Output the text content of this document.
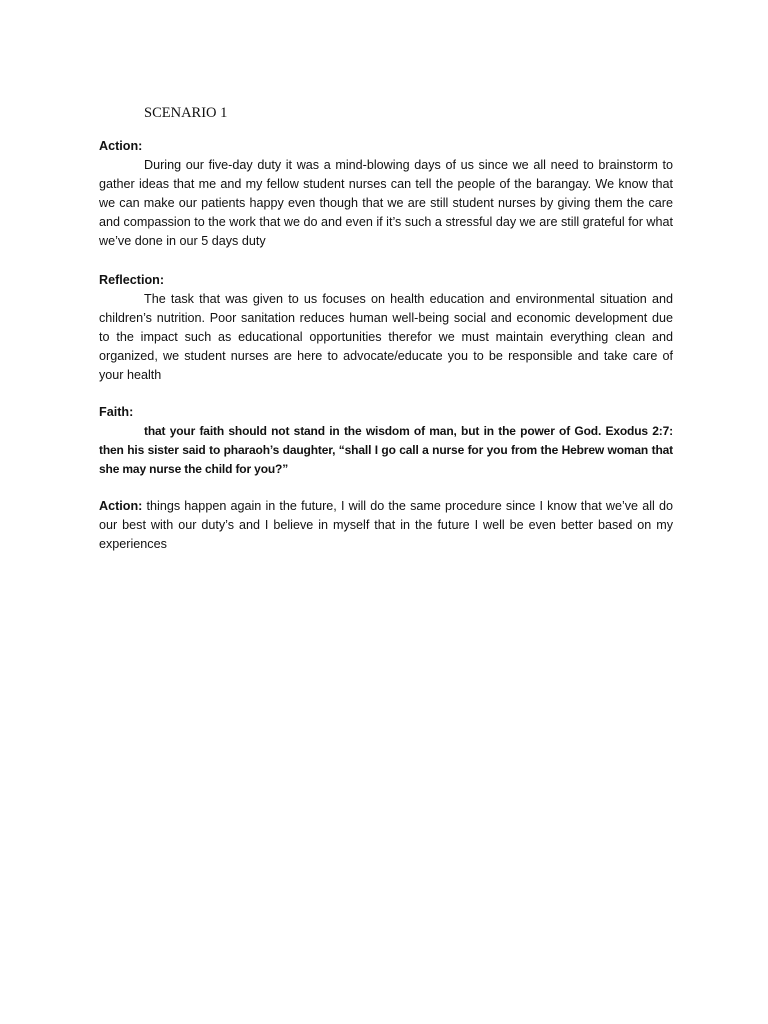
SCENARIO 1
Action:

During our five-day duty it was a mind-blowing days of us since we all need to brainstorm to gather ideas that me and my fellow student nurses can tell the people of the barangay. We know that we can make our patients happy even though that we are still student nurses by giving them the care and compassion to the work that we do and even if it’s such a stressful day we are still grateful for what we’ve done in our 5 days duty

Reflection:

The task that was given to us focuses on health education and environmental situation and children’s nutrition. Poor sanitation reduces human well-being social and economic development due to the impact such as educational opportunities therefor we must maintain everything clean and organized, we student nurses are here to advocate/educate you to be responsible and take care of your health

Faith:

that your faith should not stand in the wisdom of man, but in the power of God. Exodus 2:7: then his sister said to pharaoh’s daughter, “shall I go call a nurse for you from the Hebrew woman that she may nurse the child for you?”

Action: things happen again in the future, I will do the same procedure since I know that we’ve all do our best with our duty’s and I believe in myself that in the future I well be even better based on my experiences
